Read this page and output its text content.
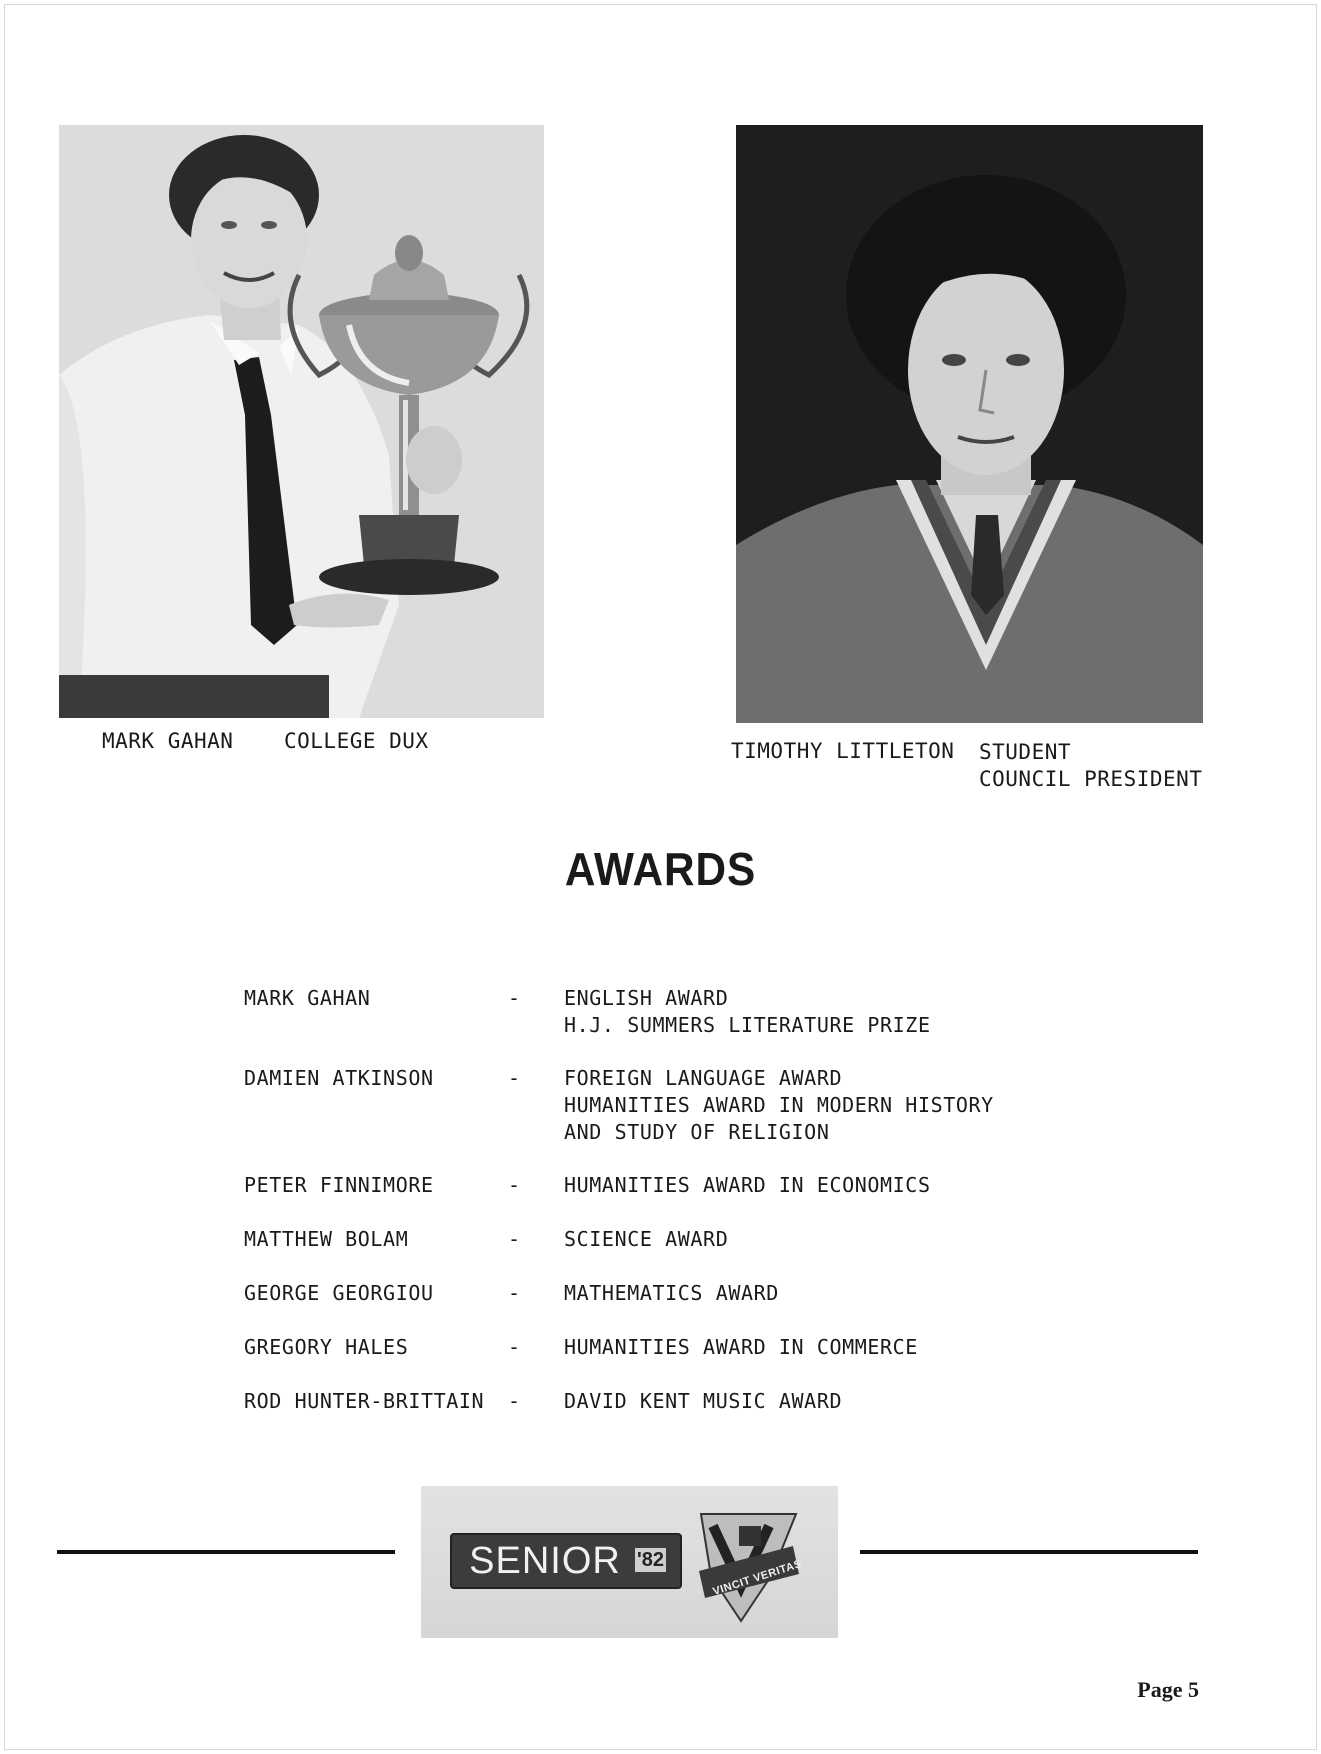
MARK GAHAN COLLEGE DUX	TIMOTHY LITTLETON STUDENT
COUNCIL PRESIDENT
AWARDS
MARK GAHAN	-	ENGLISH AWARD
H.J. SUMMERS LITERATURE PRIZE
DAMIEN ATKINSON	-	FOREIGN LANGUAGE AWARD
HUMANITIES AWARD IN MODERN HISTORY
AND STUDY OF RELIGION
PETER FINNIMORE	-	HUMANITIES AWARD IN ECONOMICS
MATTHEW BOLAM	-	SCIENCE AWARD
GEORGE GEORGIOU	-	MATHEMATICS AWARD
GREGORY HALES	-	HUMANITIES AWARD IN COMMERCE
ROD HUNTER-BRITTAIN	-	DAVID KENT MUSIC AWARD
SENIOR '82	VINCIT VERITAS
Page 5
